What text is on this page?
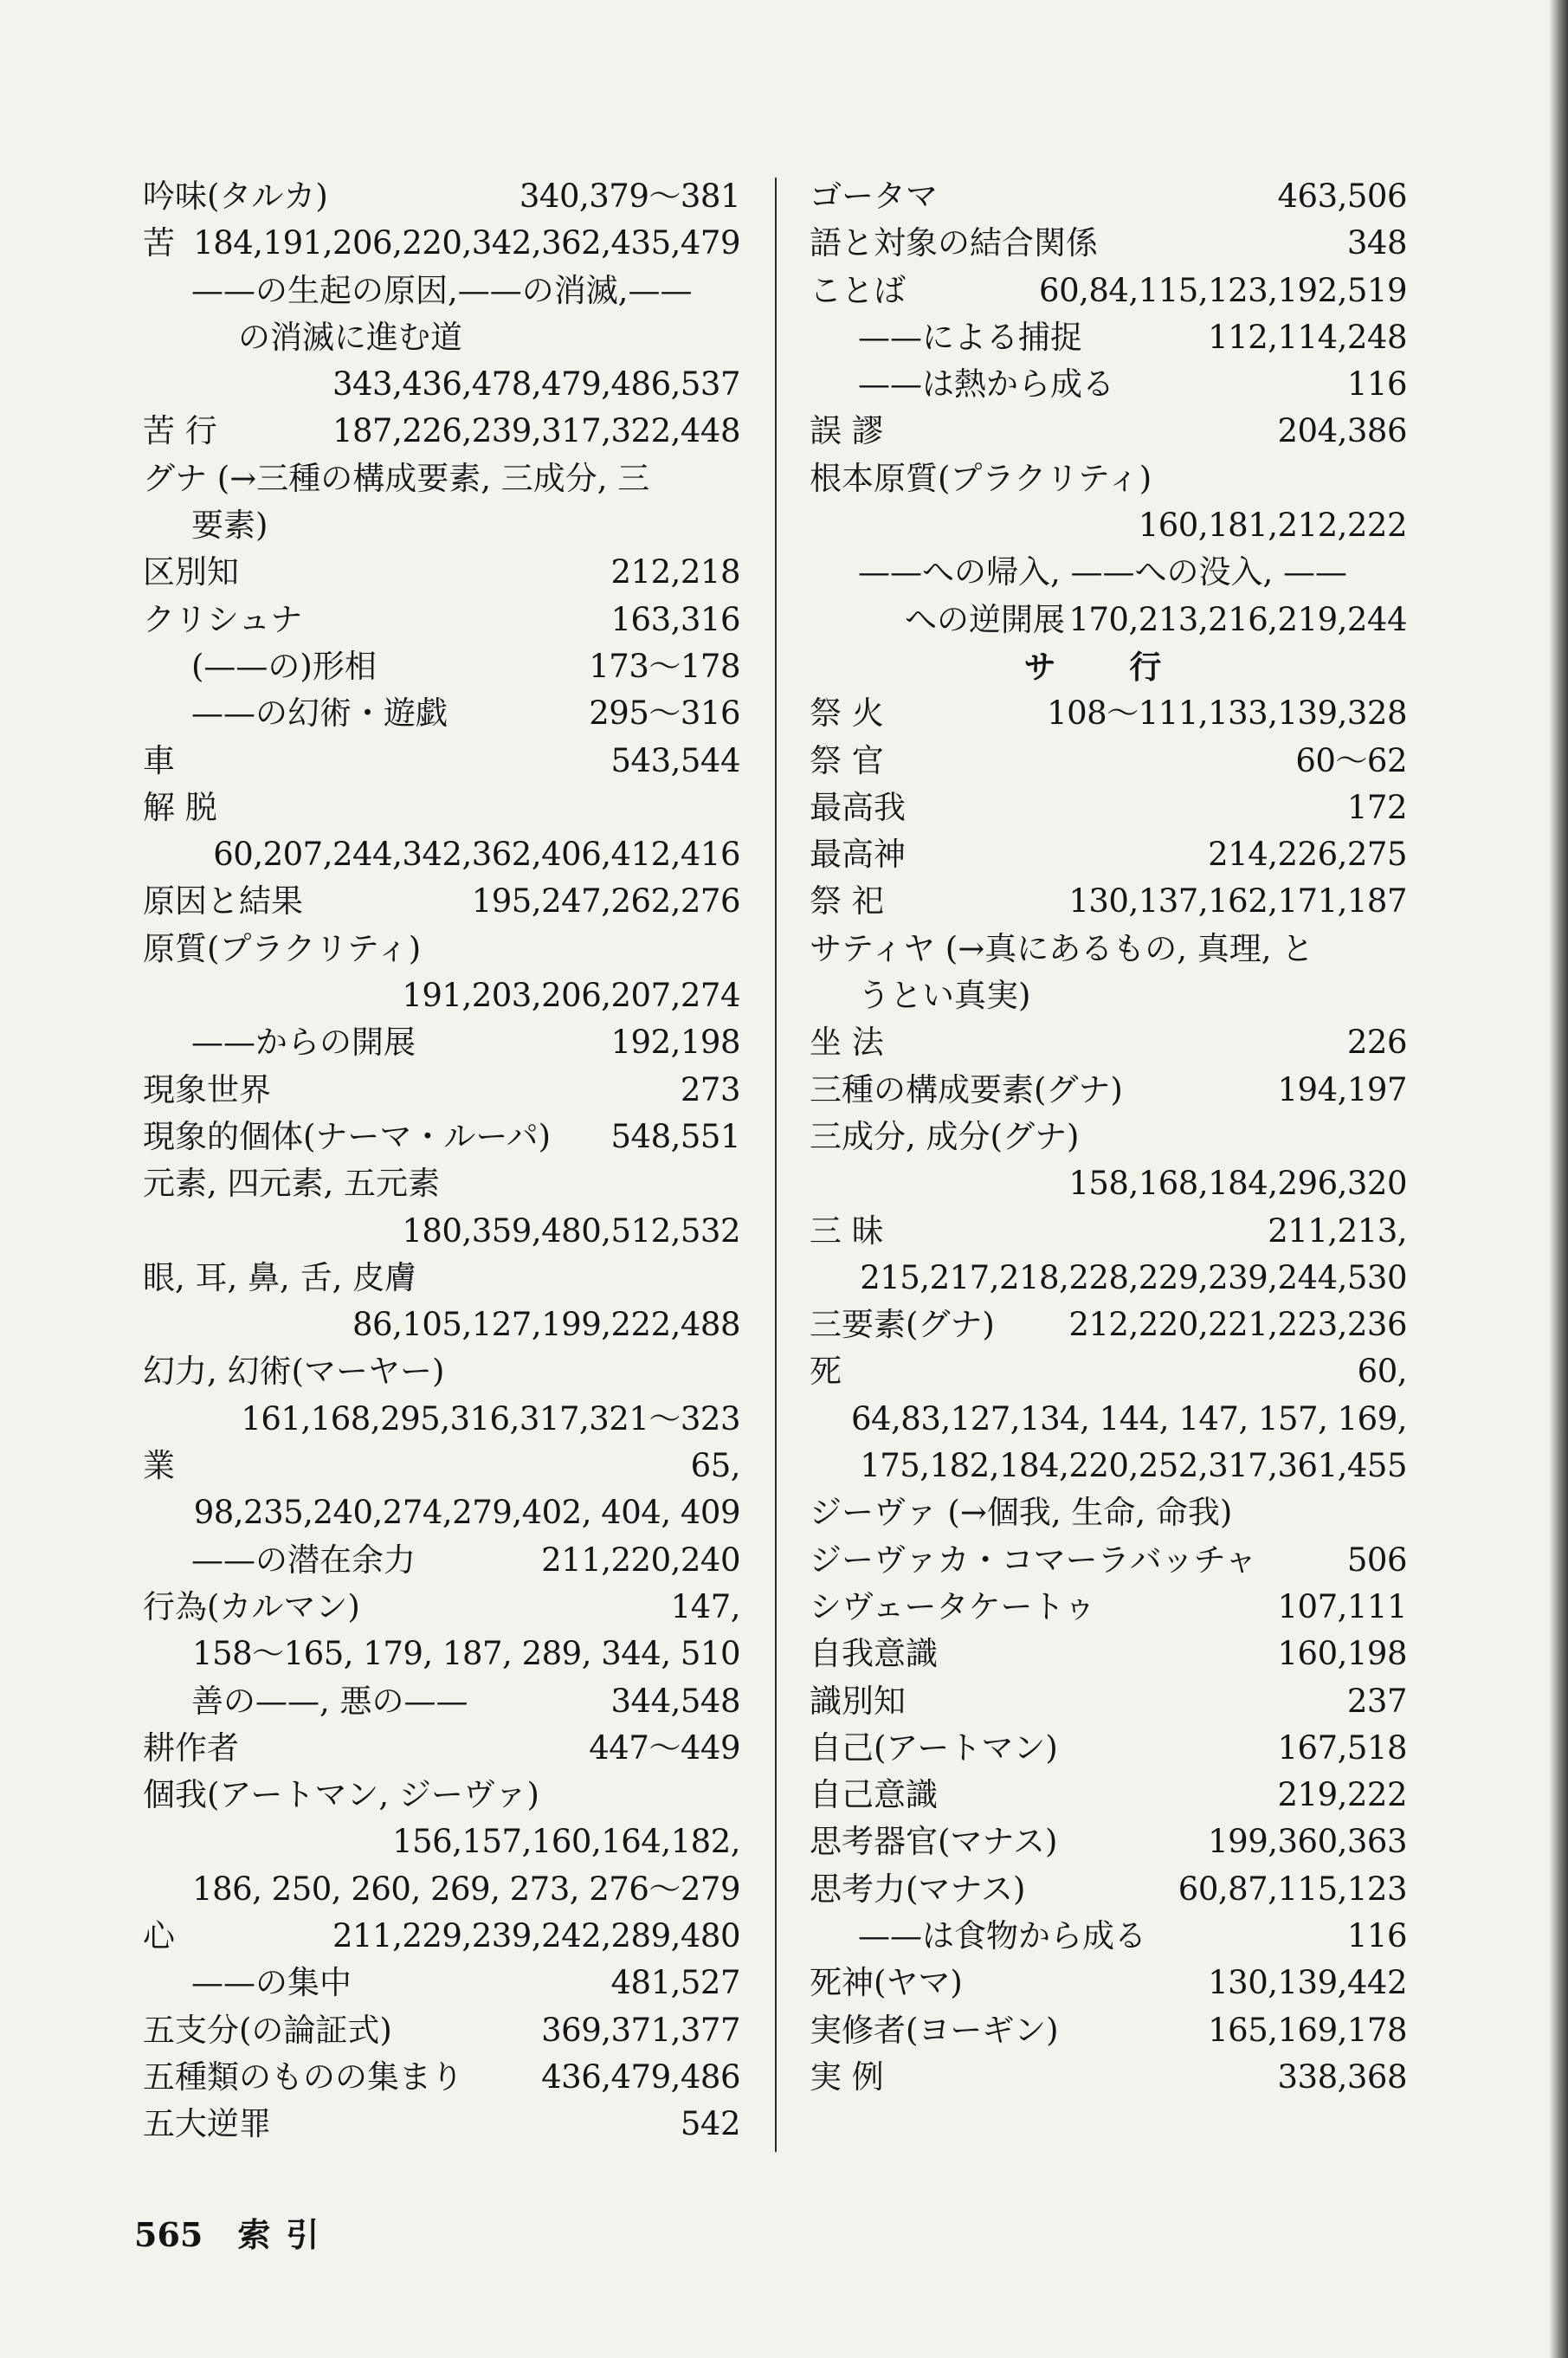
吟味(タルカ)	340,379〜381
苦 184,191,206,220,342,362,435,479
——の生起の原因,——の消滅,——
の消滅に進む道
343,436,478,479,486,537
苦 行	187,226,239,317,322,448
グナ (→三種の構成要素, 三成分, 三
要素)
区別知	212,218
クリシュナ	163,316
(——の)形相	173〜178
——の幻術・遊戯	295〜316
車	543,544
解 脱
60,207,244,342,362,406,412,416
原因と結果	195,247,262,276
原質(プラクリティ)
191,203,206,207,274
——からの開展	192,198
現象世界	273
現象的個体(ナーマ・ルーパ) 548,551
元素, 四元素, 五元素
180,359,480,512,532
眼, 耳, 鼻, 舌, 皮膚
86,105,127,199,222,488
幻力, 幻術(マーヤー)
161,168,295,316,317,321〜323
業	65,
98,235,240,274,279,402, 404, 409
——の潜在余力	211,220,240
行為(カルマン)	147,
158〜165, 179, 187, 289, 344, 510
善の——, 悪の——	344,548
耕作者	447〜449
個我(アートマン, ジーヴァ)
156,157,160,164,182,
186, 250, 260, 269, 273, 276〜279
心	211,229,239,242,289,480
——の集中	481,527
五支分(の論証式)	369,371,377
五種類のものの集まり 436,479,486
五大逆罪	542
ゴータマ	463,506
語と対象の結合関係	348
ことば	60,84,115,123,192,519
——による捕捉	112,114,248
——は熱から成る	116
誤 謬	204,386
根本原質(プラクリティ)
160,181,212,222
——への帰入, ——への没入, ——
への逆開展 170,213,216,219,244
サ 行
祭 火	108〜111,133,139,328
祭 官	60〜62
最高我	172
最高神	214,226,275
祭 祀	130,137,162,171,187
サティヤ (→真にあるもの, 真理, と
うとい真実)
坐 法	226
三種の構成要素(グナ)	194,197
三成分, 成分(グナ)
158,168,184,296,320
三 昧	211,213,
215,217,218,228,229,239,244,530
三要素(グナ) 212,220,221,223,236
死	60,
64,83,127,134, 144, 147, 157, 169,
175,182,184,220,252,317,361,455
ジーヴァ (→個我, 生命, 命我)
ジーヴァカ・コマーラバッチャ	506
シヴェータケートゥ	107,111
自我意識	160,198
識別知	237
自己(アートマン)	167,518
自己意識	219,222
思考器官(マナス)	199,360,363
思考力(マナス)	60,87,115,123
——は食物から成る	116
死神(ヤマ)	130,139,442
実修者(ヨーギン)	165,169,178
実 例	338,368
565 索引
